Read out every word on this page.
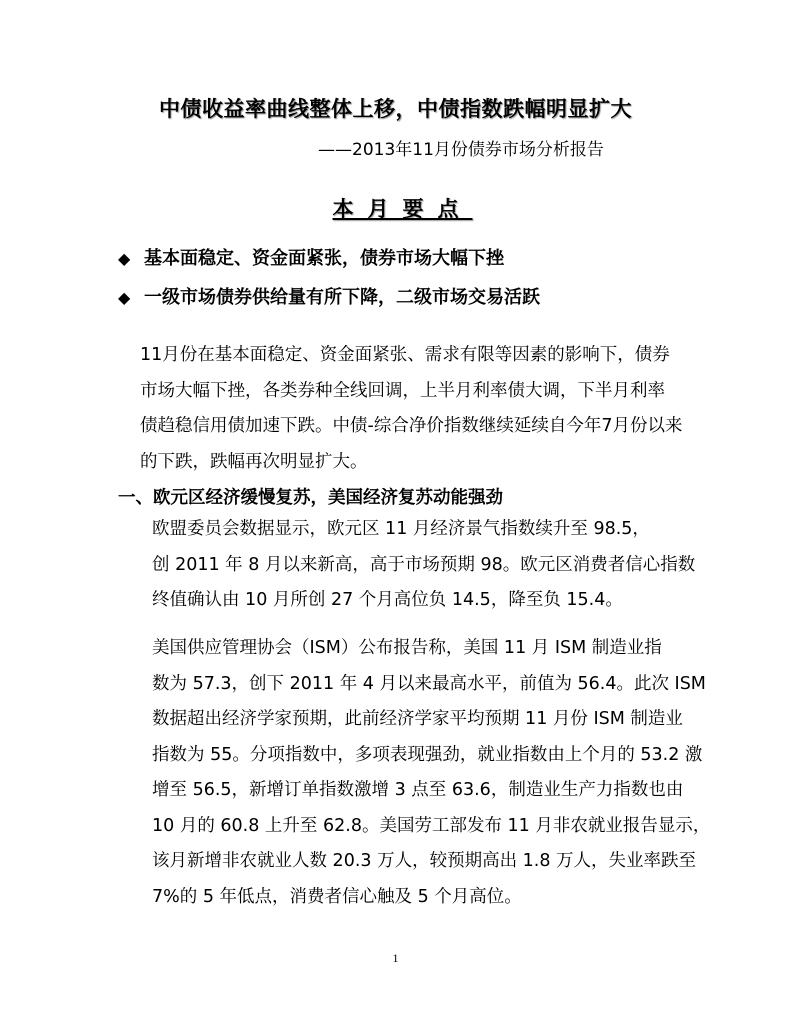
中债收益率曲线整体上移，中债指数跌幅明显扩大
——2013年11月份债券市场分析报告
本月要点
◆ 基本面稳定、资金面紧张，债券市场大幅下挫
◆ 一级市场债券供给量有所下降，二级市场交易活跃
11月份在基本面稳定、资金面紧张、需求有限等因素的影响下，债券
市场大幅下挫，各类券种全线回调，上半月利率债大调，下半月利率
债趋稳信用债加速下跌。中债-综合净价指数继续延续自今年7月份以来
的下跌，跌幅再次明显扩大。
一、欧元区经济缓慢复苏，美国经济复苏动能强劲
欧盟委员会数据显示，欧元区 11 月经济景气指数续升至 98.5，
创 2011 年 8 月以来新高，高于市场预期 98。欧元区消费者信心指数
终值确认由 10 月所创 27 个月高位负 14.5，降至负 15.4。
美国供应管理协会（ISM）公布报告称，美国 11 月 ISM 制造业指
数为 57.3，创下 2011 年 4 月以来最高水平，前值为 56.4。此次 ISM
数据超出经济学家预期，此前经济学家平均预期 11 月份 ISM 制造业
指数为 55。分项指数中，多项表现强劲，就业指数由上个月的 53.2 激
增至 56.5，新增订单指数激增 3 点至 63.6，制造业生产力指数也由
10 月的 60.8 上升至 62.8。美国劳工部发布 11 月非农就业报告显示，
该月新增非农就业人数 20.3 万人，较预期高出 1.8 万人，失业率跌至
7%的 5 年低点，消费者信心触及 5 个月高位。
1
